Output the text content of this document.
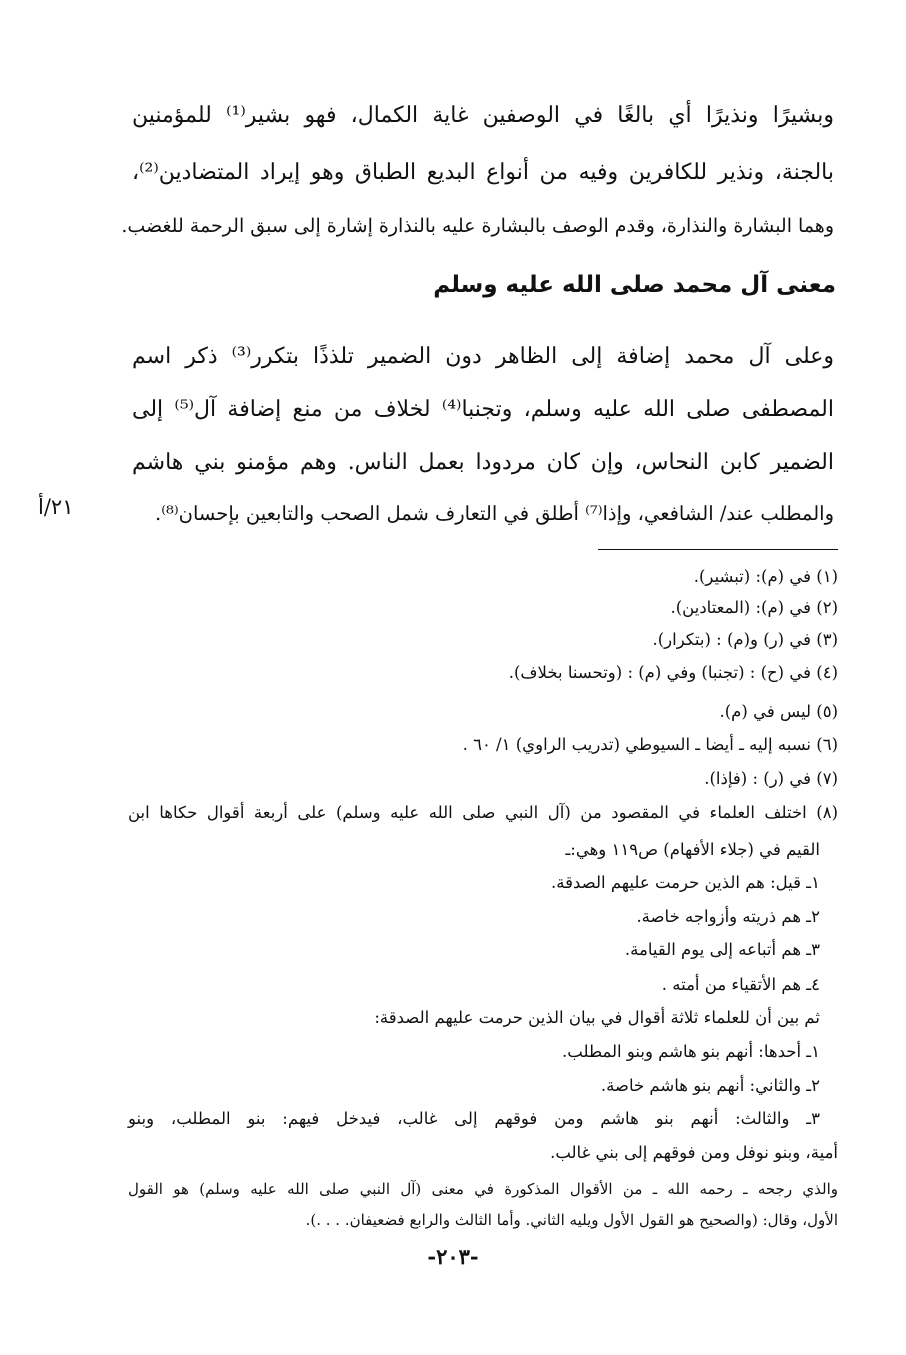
وبشيرًا ونذيرًا أي بالغًا في الوصفين غاية الكمال، فهو بشير⁽¹⁾ للمؤمنين
بالجنة، ونذير للكافرين وفيه من أنواع البديع الطباق وهو إيراد المتضادين⁽²⁾،
وهما البشارة والنذارة، وقدم الوصف بالبشارة عليه بالنذارة إشارة إلى سبق الرحمة للغضب.
معنى آل محمد صلى الله عليه وسلم
وعلى آل محمد إضافة إلى الظاهر دون الضمير تلذذًا بتكرر⁽³⁾ ذكر اسم
المصطفى صلى الله عليه وسلم، وتجنبا⁽⁴⁾ لخلاف من منع إضافة آل⁽⁵⁾ إلى
الضمير كابن النحاس، وإن كان مردودا بعمل الناس. وهم مؤمنو بني هاشم
والمطلب عند/ الشافعي، وإذا⁽⁷⁾ أطلق في التعارف شمل الصحب والتابعين بإحسان⁽⁸⁾.
٢١/أ
(١) في (م): (تبشير).
(٢) في (م): (المعتادين).
(٣) في (ر) و(م) : (بتكرار).
(٤) في (ح) : (تجنبا) وفي (م) : (وتحسنا بخلاف).
(٥) ليس في (م).
(٦) نسبه إليه ـ أيضا ـ السيوطي (تدريب الراوي) ١/ ٦٠ .
(٧) في (ر) : (فإذا).
(٨) اختلف العلماء في المقصود من (آل النبي صلى الله عليه وسلم) على أربعة أقوال حكاها ابن
القيم في (جلاء الأفهام) ص١١٩ وهي:ـ
١ـ قيل: هم الذين حرمت عليهم الصدقة.
٢ـ هم ذريته وأزواجه خاصة.
٣ـ هم أتباعه إلى يوم القيامة.
٤ـ هم الأتقياء من أمته .
ثم بين أن للعلماء ثلاثة أقوال في بيان الذين حرمت عليهم الصدقة:
١ـ أحدها: أنهم بنو هاشم وبنو المطلب.
٢ـ والثاني: أنهم بنو هاشم خاصة.
٣ـ والثالث: أنهم بنو هاشم ومن فوقهم إلى غالب، فيدخل فيهم: بنو المطلب، وبنو
أمية، وبنو نوفل ومن فوقهم إلى بني غالب.
والذي رجحه ـ رحمه الله ـ من الأقوال المذكورة في معنى (آل النبي صلى الله عليه وسلم) هو القول
الأول، وقال: (والصحيح هو القول الأول ويليه الثاني. وأما الثالث والرابع فضعيفان. . . .).
-٢٠٣-
